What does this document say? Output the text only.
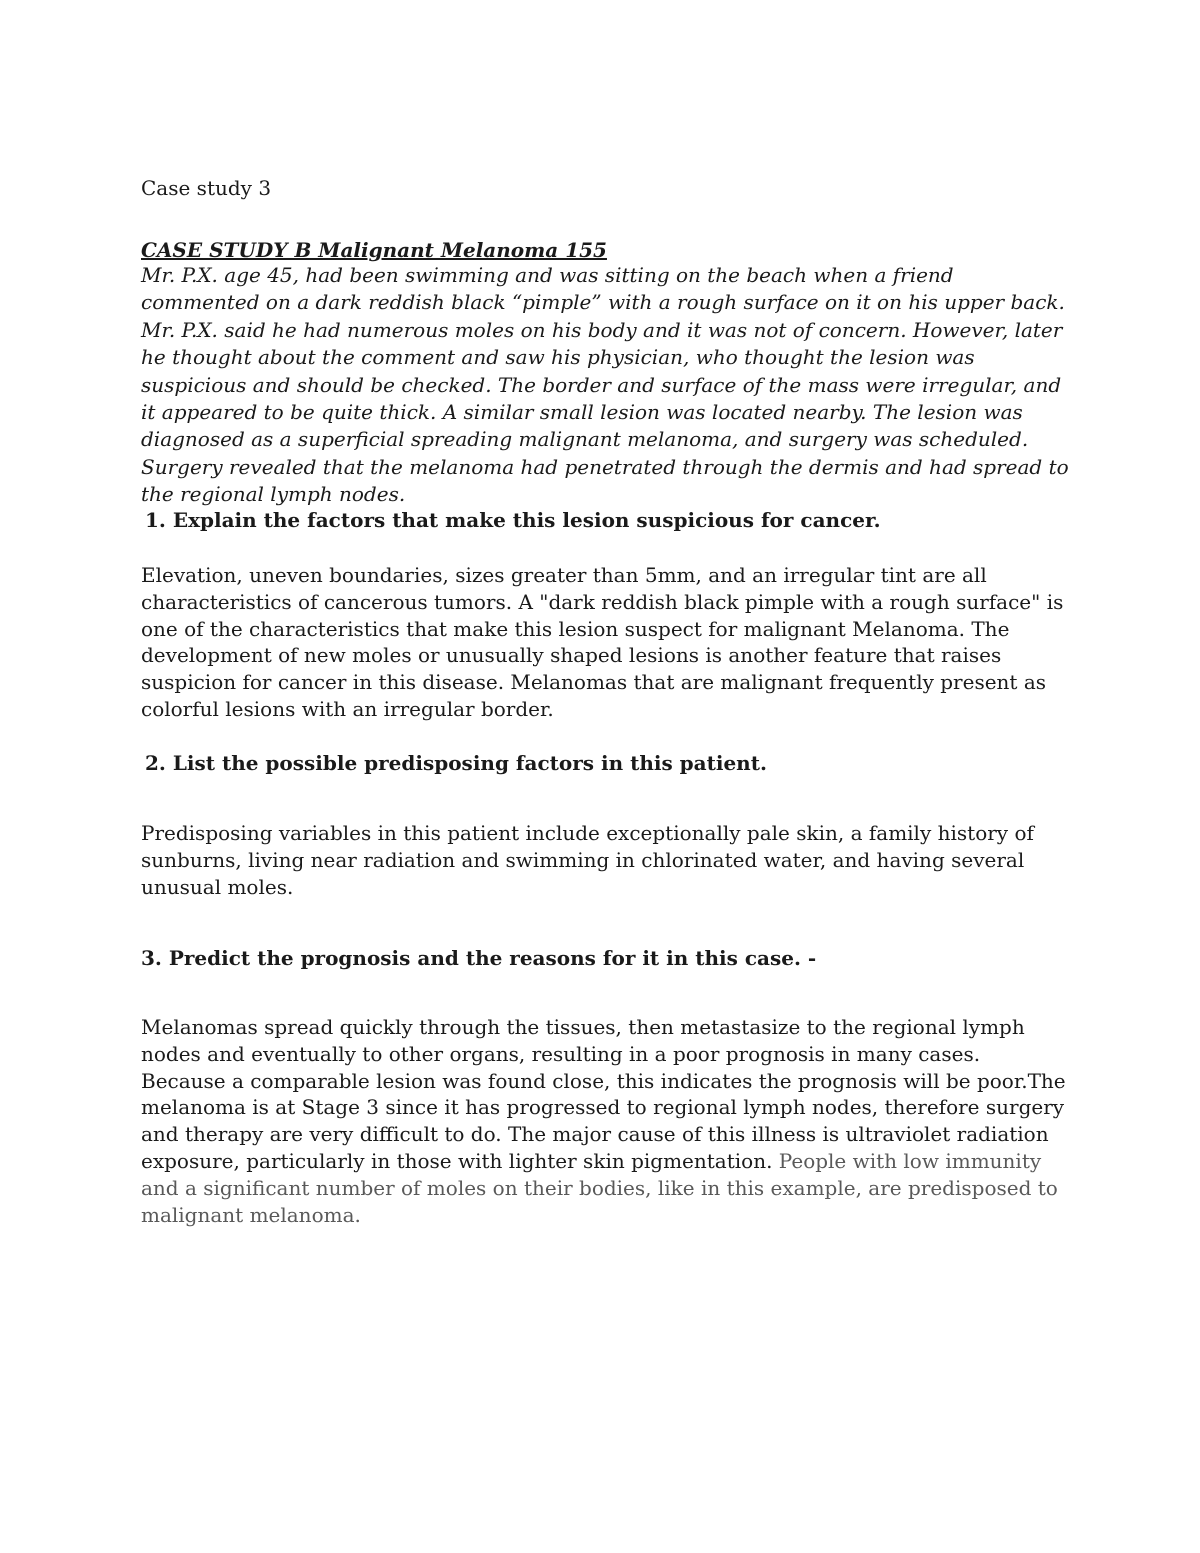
Case study 3

CASE STUDY B Malignant Melanoma 155

Mr. P.X. age 45, had been swimming and was sitting on the beach when a friend commented on a dark reddish black “pimple” with a rough surface on it on his upper back. Mr. P.X. said he had numerous moles on his body and it was not of concern. However, later he thought about the comment and saw his physician, who thought the lesion was suspicious and should be checked. The border and surface of the mass were irregular, and it appeared to be quite thick. A similar small lesion was located nearby. The lesion was diagnosed as a superficial spreading malignant melanoma, and surgery was scheduled. Surgery revealed that the melanoma had penetrated through the dermis and had spread to the regional lymph nodes.

1. Explain the factors that make this lesion suspicious for cancer.

Elevation, uneven boundaries, sizes greater than 5mm, and an irregular tint are all characteristics of cancerous tumors. A "dark reddish black pimple with a rough surface" is one of the characteristics that make this lesion suspect for malignant Melanoma. The development of new moles or unusually shaped lesions is another feature that raises suspicion for cancer in this disease. Melanomas that are malignant frequently present as colorful lesions with an irregular border.

2. List the possible predisposing factors in this patient.

Predisposing variables in this patient include exceptionally pale skin, a family history of sunburns, living near radiation and swimming in chlorinated water, and having several unusual moles.

3. Predict the prognosis and the reasons for it in this case. -

Melanomas spread quickly through the tissues, then metastasize to the regional lymph nodes and eventually to other organs, resulting in a poor prognosis in many cases. Because a comparable lesion was found close, this indicates the prognosis will be poor.The melanoma is at Stage 3 since it has progressed to regional lymph nodes, therefore surgery and therapy are very difficult to do. The major cause of this illness is ultraviolet radiation exposure, particularly in those with lighter skin pigmentation. People with low immunity and a significant number of moles on their bodies, like in this example, are predisposed to malignant melanoma.
